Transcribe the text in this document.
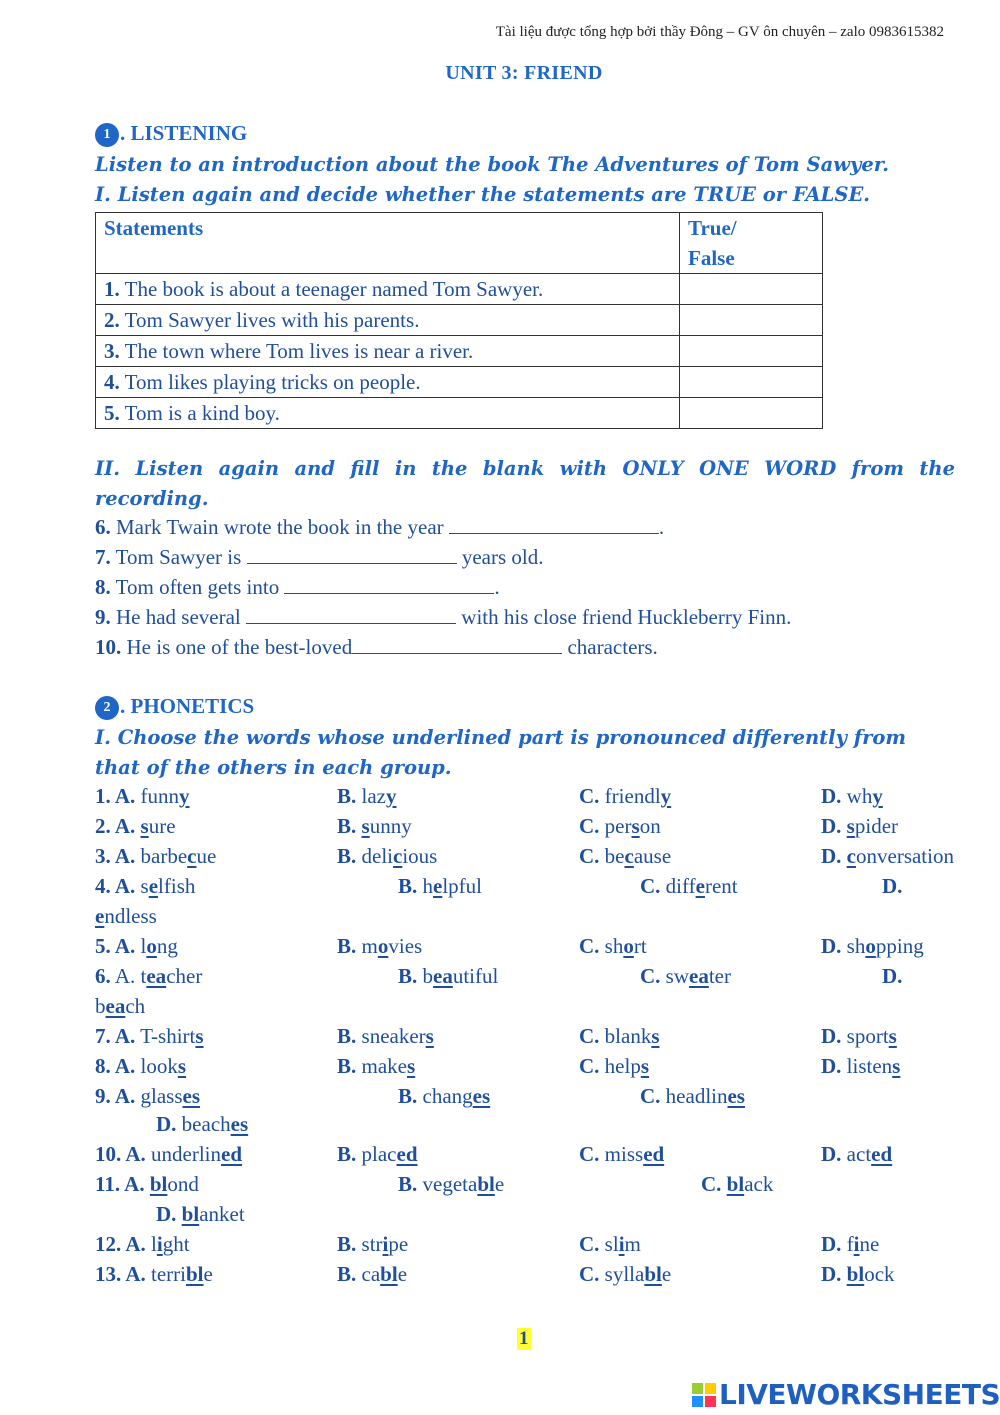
Tài liệu được tổng hợp bởi thầy Đông – GV ôn chuyên – zalo 0983615382
UNIT 3: FRIEND
1 . LISTENING
Listen to an introduction about the book The Adventures of Tom Sawyer.
I. Listen again and decide whether the statements are TRUE or FALSE.
Statements	True/
False
1. The book is about a teenager named Tom Sawyer.	
2. Tom Sawyer lives with his parents.	
3. The town where Tom lives is near a river.	
4. Tom likes playing tricks on people.	
5. Tom is a kind boy.	
II. Listen again and fill in the blank with ONLY ONE WORD from the recording.
6. Mark Twain wrote the book in the year	.
7. Tom Sawyer is	years old.
8. Tom often gets into	.
9. He had several	with his close friend Huckleberry Finn.
10. He is one of the best-loved	characters.
2 . PHONETICS
I. Choose the words whose underlined part is pronounced differently from that of the others in each group.
1. A. funny	B. lazy	C. friendly	D. why
2. A. sure	B. sunny	C. person	D. spider
3. A. barbecue	B. delicious	C. because	D. conversation
4. A. selfish	B. helpful	C. different	D.
endless
5. A. long	B. movies	C. short	D. shopping
6. A. teacher	B. beautiful	C. sweater	D.
beach
7. A. T-shirts	B. sneakers	C. blanks	D. sports
8. A. looks	B. makes	C. helps	D. listens
9. A. glasses	B. changes	C. headlines
D. beaches
10. A. underlined	B. placed	C. missed	D. acted
11. A. blond	B. vegetable	C. black
D. blanket
12. A. light	B. stripe	C. slim	D. fine
13. A. terrible	B. cable	C. syllable	D. block
1
LIVEWORKSHEETS
